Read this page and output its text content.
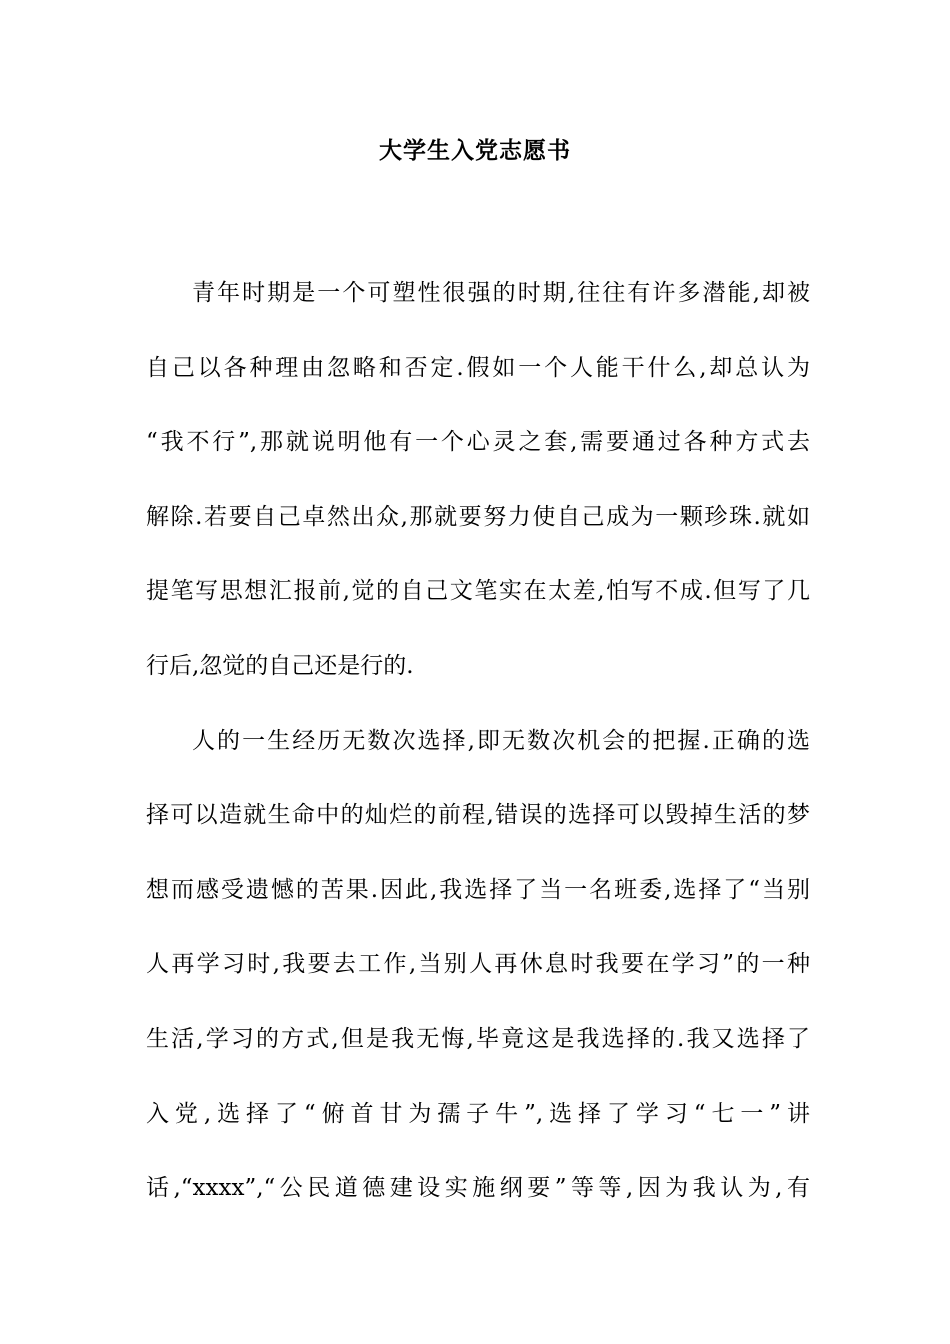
大学生入党志愿书
青年时期是一个可塑性很强的时期,往往有许多潜能,却被
自己以各种理由忽略和否定.假如一个人能干什么,却总认为
“我不行”,那就说明他有一个心灵之套,需要通过各种方式去
解除.若要自己卓然出众,那就要努力使自己成为一颗珍珠.就如
提笔写思想汇报前,觉的自己文笔实在太差,怕写不成.但写了几
行后,忽觉的自己还是行的.
人的一生经历无数次选择,即无数次机会的把握.正确的选
择可以造就生命中的灿烂的前程,错误的选择可以毁掉生活的梦
想而感受遗憾的苦果.因此,我选择了当一名班委,选择了“当别
人再学习时,我要去工作,当别人再休息时我要在学习”的一种
生活,学习的方式,但是我无悔,毕竟这是我选择的.我又选择了
入党,选择了“俯首甘为孺子牛”,选择了学习“七一”讲
话,“xxxx”,“公民道德建设实施纲要”等等,因为我认为,有
